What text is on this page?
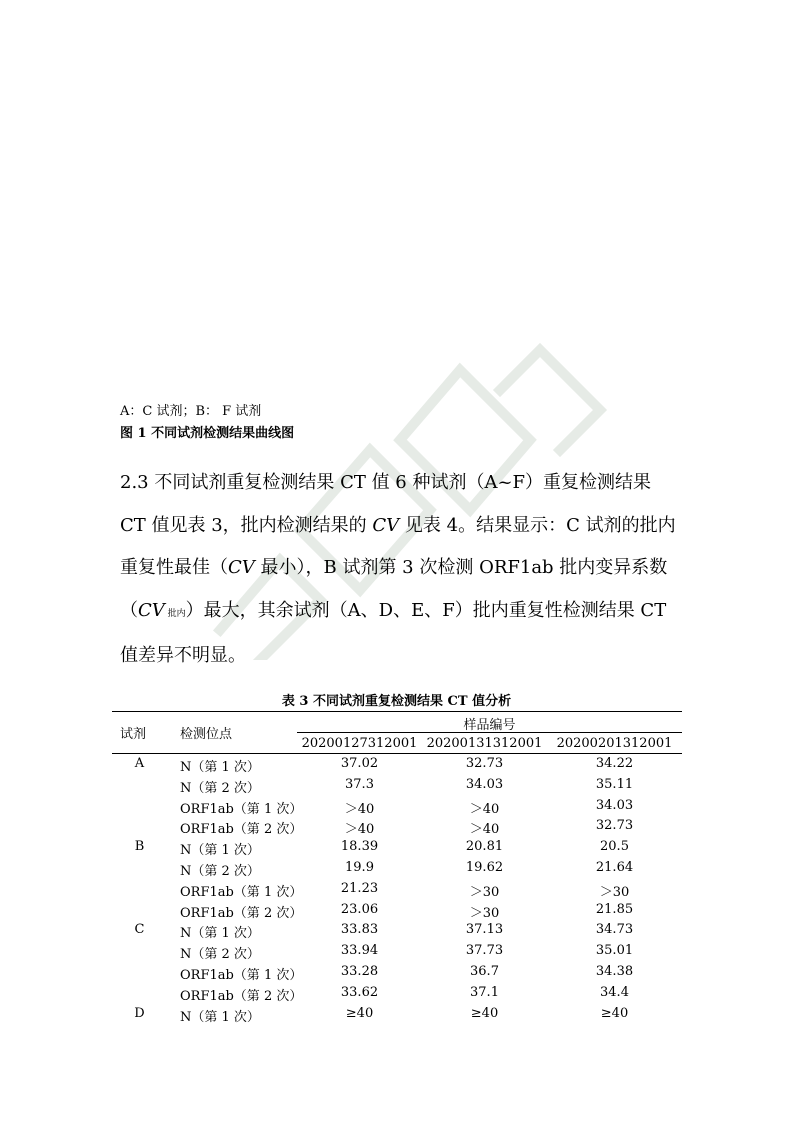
A：C 试剂；B： F 试剂
图 1 不同试剂检测结果曲线图
2.3 不同试剂重复检测结果 CT 值 6 种试剂（A~F）重复检测结果
CT 值见表 3，批内检测结果的 CV 见表 4。结果显示：C 试剂的批内
重复性最佳（CV 最小），B 试剂第 3 次检测 ORF1ab 批内变异系数
（CV 批内）最大，其余试剂（A、D、E、F）批内重复性检测结果 CT
值差异不明显。
表 3 不同试剂重复检测结果 CT 值分析
试剂	检测位点
样品编号
20200127312001 20200131312001	20200201312001
A	N（第 1 次）	37.02	32.73	34.22
N（第 2 次）	37.3	34.03	35.11
ORF1ab（第 1 次）	＞40	＞40	34.03
ORF1ab（第 2 次）	＞40	＞40	32.73
B	N（第 1 次）	18.39	20.81	20.5
N（第 2 次）	19.9	19.62	21.64
ORF1ab（第 1 次）	21.23	＞30	＞30
ORF1ab（第 2 次）	23.06	＞30	21.85
C	N（第 1 次）	33.83	37.13	34.73
N（第 2 次）	33.94	37.73	35.01
ORF1ab（第 1 次）	33.28	36.7	34.38
ORF1ab（第 2 次）	33.62	37.1	34.4
D	N（第 1 次）	≥40	≥40	≥40
